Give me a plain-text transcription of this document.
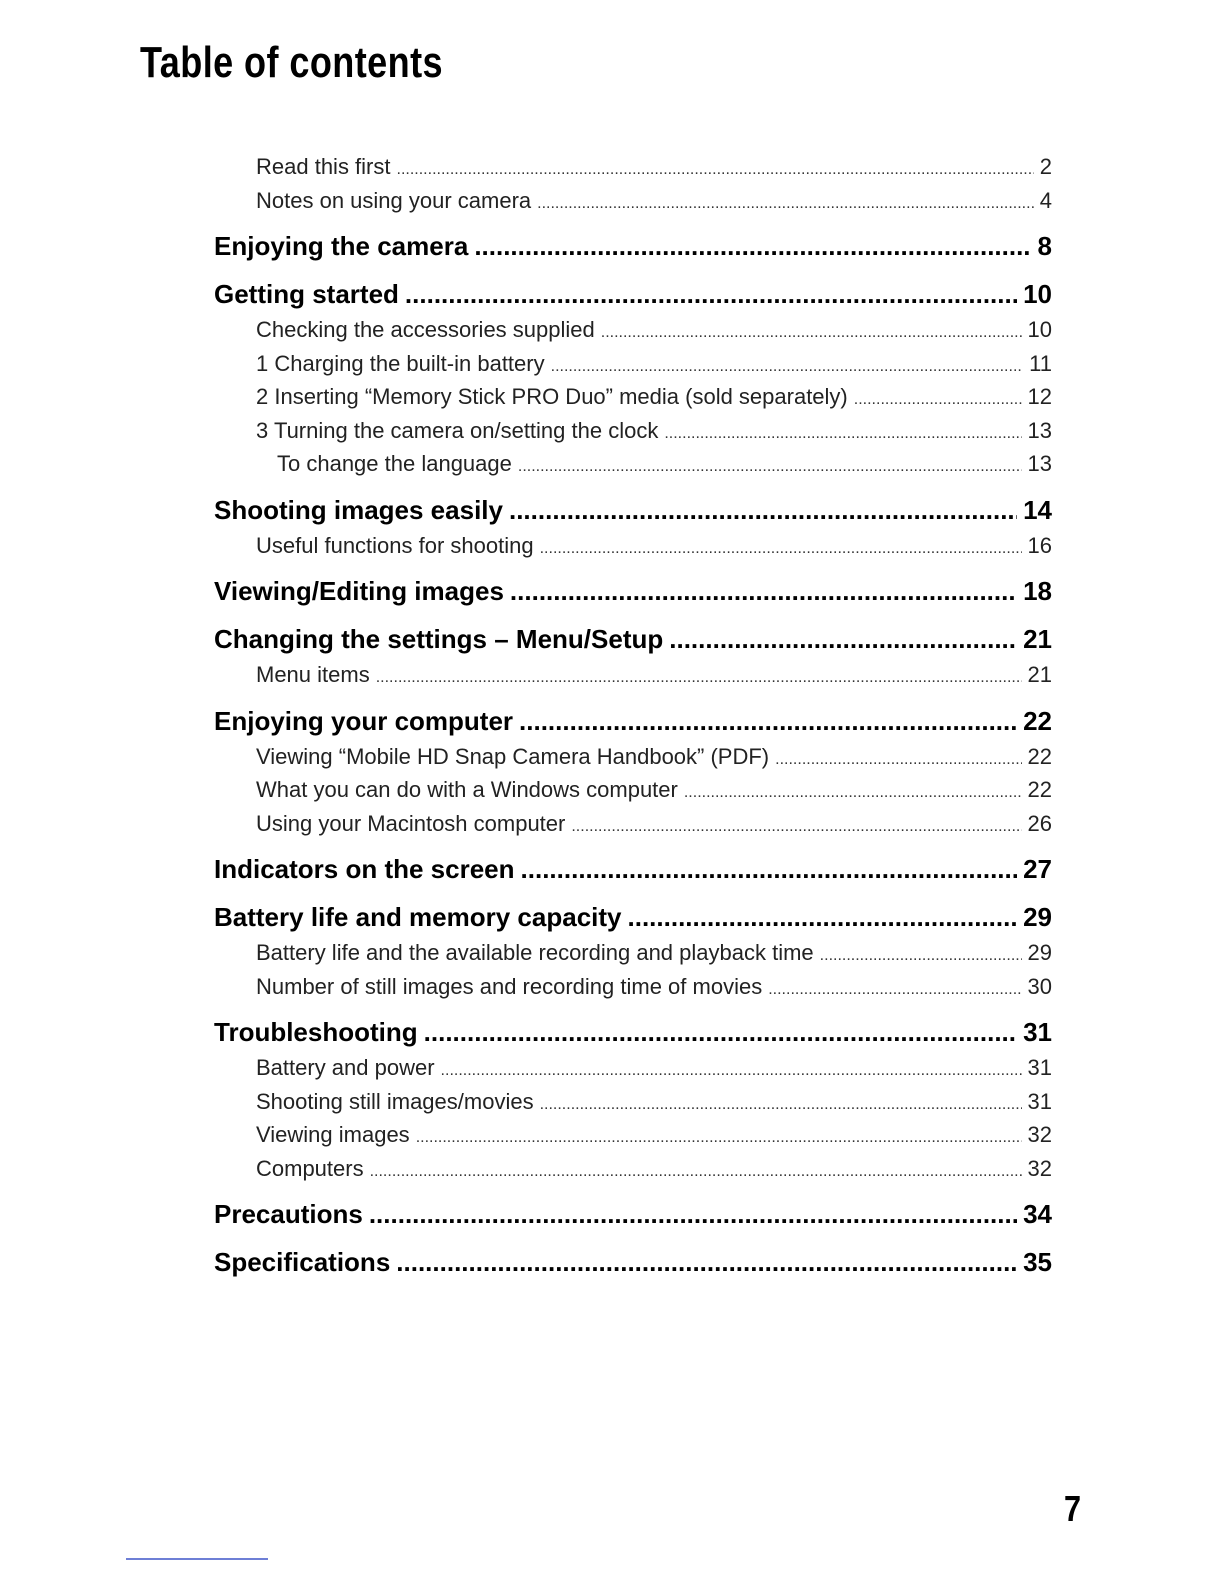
Table of contents
Read this first .....	2
Notes on using your camera .....	4
Enjoying the camera .....	8
Getting started .....	10
Checking the accessories supplied .....	10
1 Charging the built-in battery .....	11
2 Inserting “Memory Stick PRO Duo” media (sold separately) .....	12
3 Turning the camera on/setting the clock .....	13
To change the language .....	13
Shooting images easily .....	14
Useful functions for shooting .....	16
Viewing/Editing images .....	18
Changing the settings – Menu/Setup .....	21
Menu items .....	21
Enjoying your computer .....	22
Viewing “Mobile HD Snap Camera Handbook” (PDF) .....	22
What you can do with a Windows computer .....	22
Using your Macintosh computer .....	26
Indicators on the screen .....	27
Battery life and memory capacity .....	29
Battery life and the available recording and playback time .....	29
Number of still images and recording time of movies .....	30
Troubleshooting .....	31
Battery and power .....	31
Shooting still images/movies .....	31
Viewing images .....	32
Computers .....	32
Precautions .....	34
Specifications .....	35
7
